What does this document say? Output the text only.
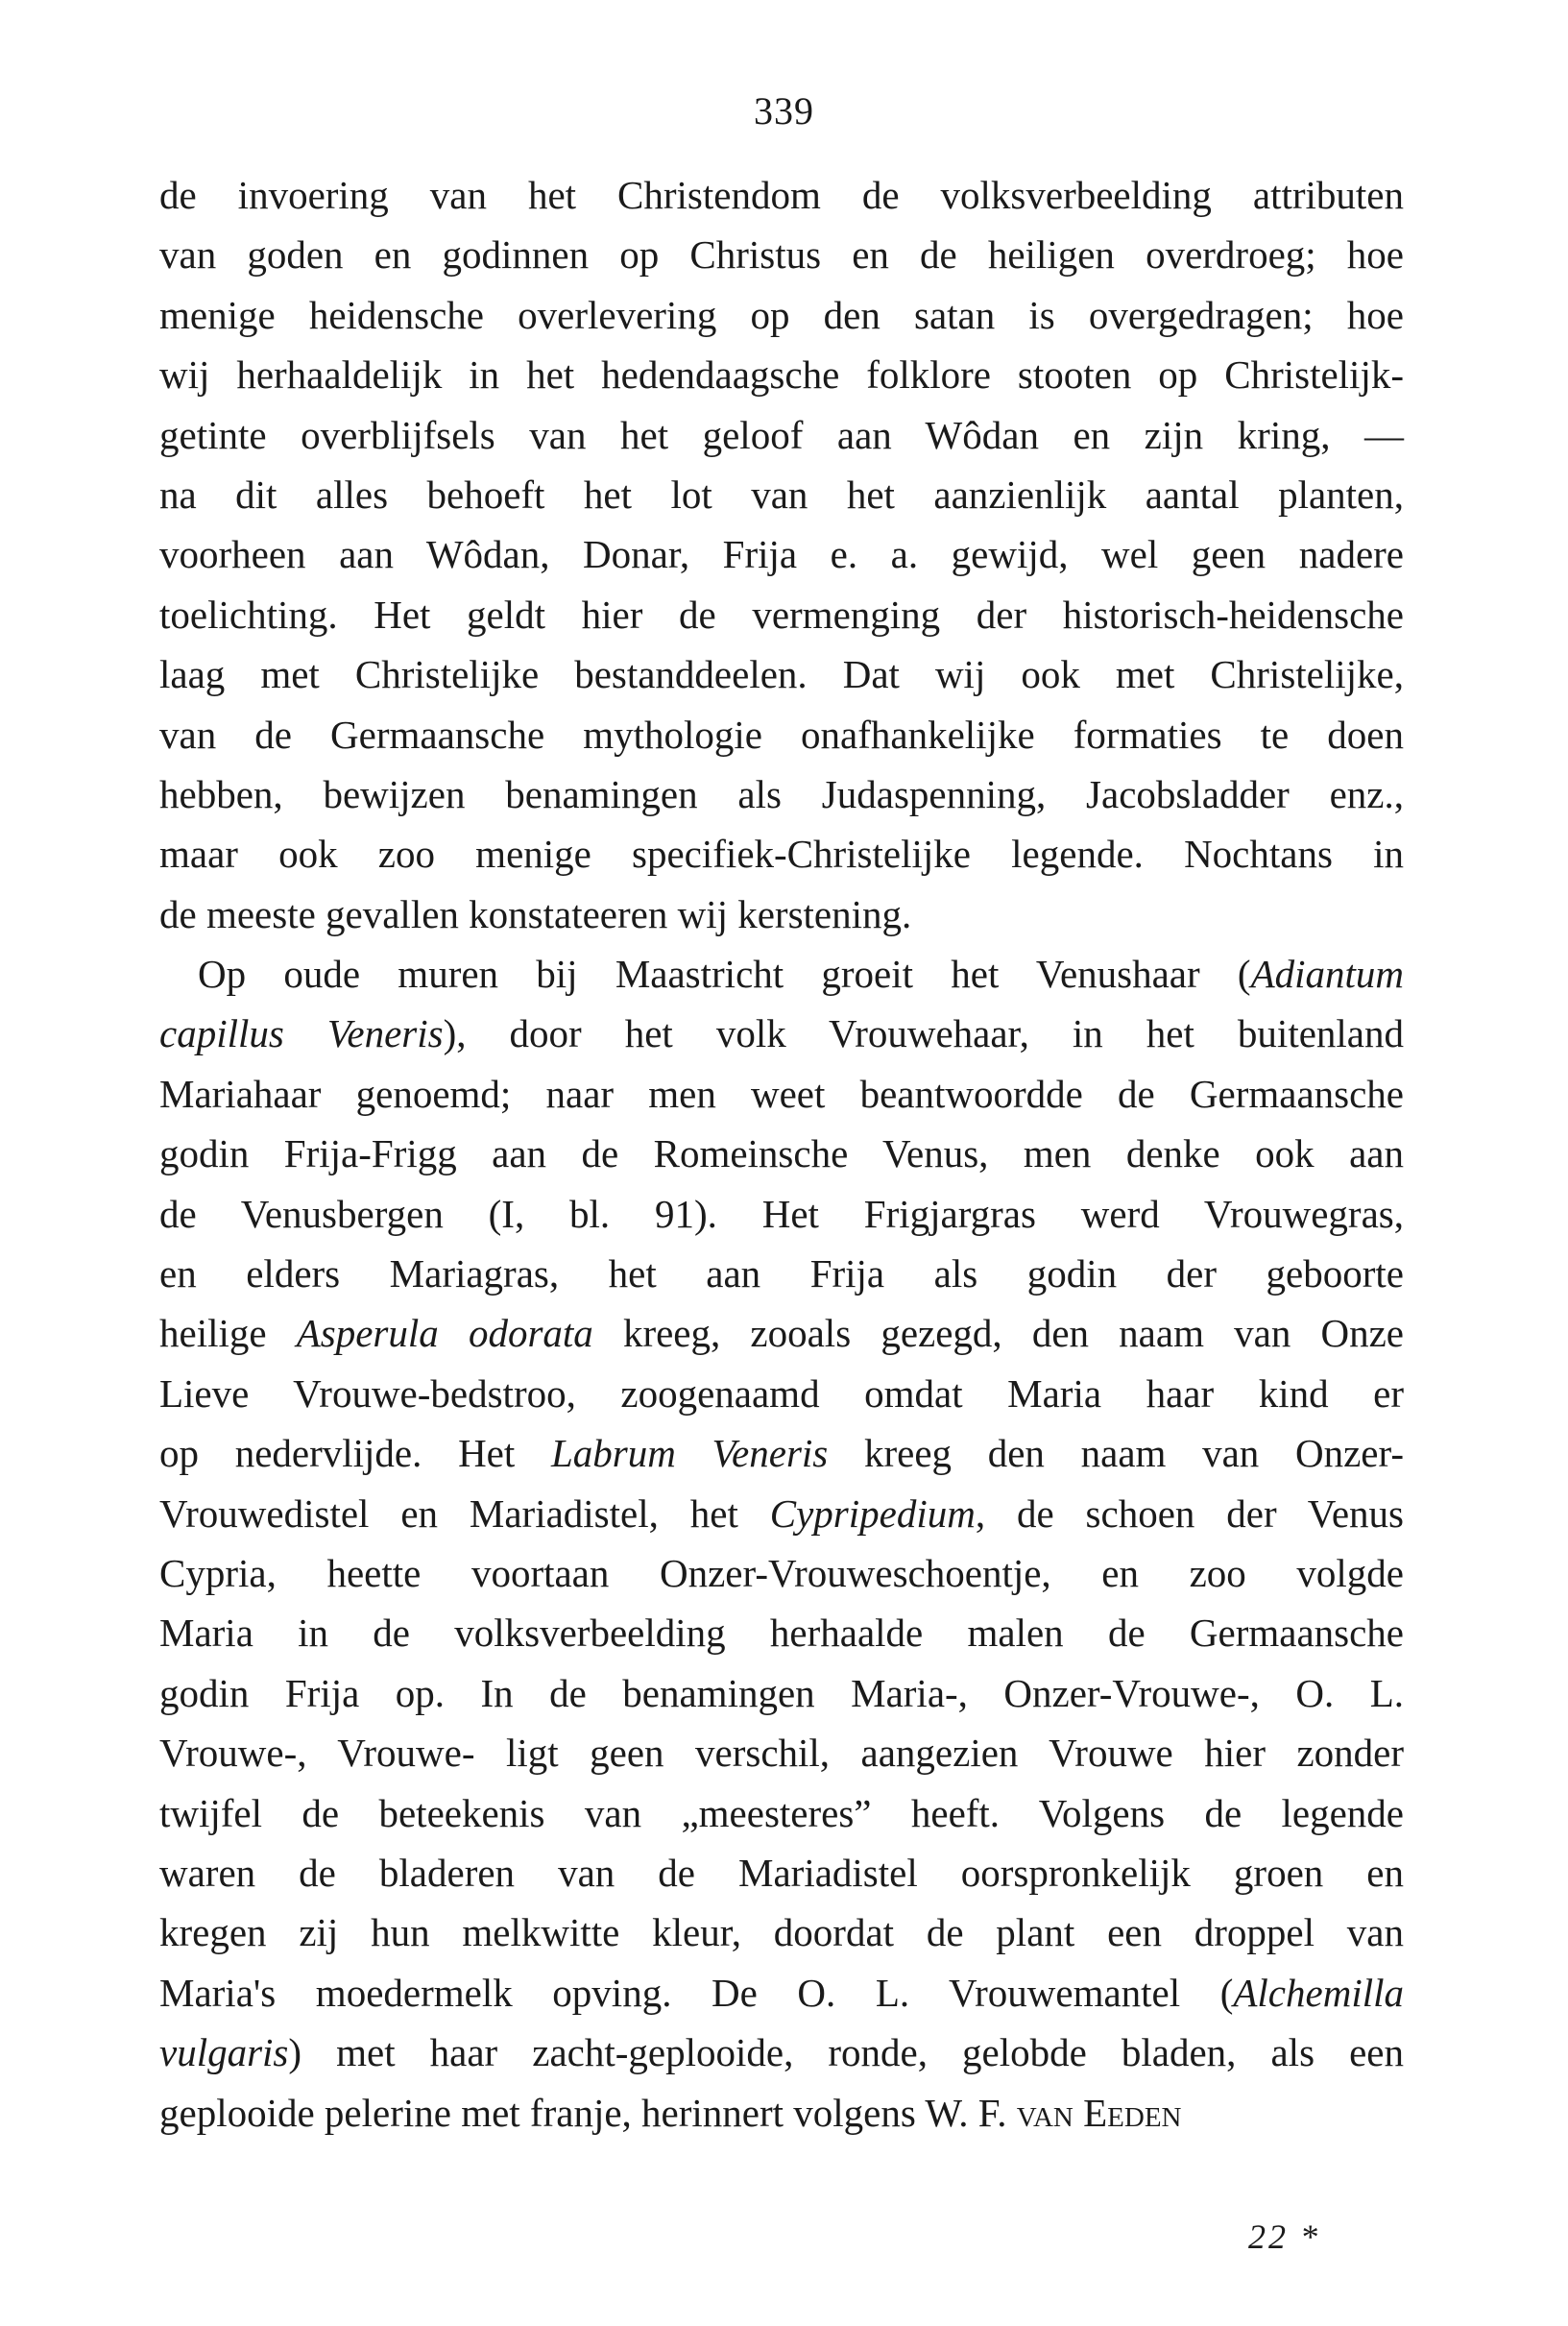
339
de invoering van het Christendom de volksverbeelding attributen
van goden en godinnen op Christus en de heiligen overdroeg; hoe
menige heidensche overlevering op den satan is overgedragen; hoe
wij herhaaldelijk in het hedendaagsche folklore stooten op Christelijk-
getinte overblijfsels van het geloof aan Wôdan en zijn kring, —
na dit alles behoeft het lot van het aanzienlijk aantal planten,
voorheen aan Wôdan, Donar, Frija e. a. gewijd, wel geen nadere
toelichting. Het geldt hier de vermenging der historisch-heidensche
laag met Christelijke bestanddeelen. Dat wij ook met Christelijke,
van de Germaansche mythologie onafhankelijke formaties te doen
hebben, bewijzen benamingen als Judaspenning, Jacobsladder enz.,
maar ook zoo menige specifiek-Christelijke legende. Nochtans in
de meeste gevallen konstateeren wij kerstening.
Op oude muren bij Maastricht groeit het Venushaar (Adiantum
capillus Veneris), door het volk Vrouwehaar, in het buitenland
Mariahaar genoemd; naar men weet beantwoordde de Germaansche
godin Frija-Frigg aan de Romeinsche Venus, men denke ook aan
de Venusbergen (I, bl. 91). Het Frigjargras werd Vrouwegras,
en elders Mariagras, het aan Frija als godin der geboorte
heilige Asperula odorata kreeg, zooals gezegd, den naam van Onze
Lieve Vrouwe-bedstroo, zoogenaamd omdat Maria haar kind er
op nedervlijde. Het Labrum Veneris kreeg den naam van Onzer-
Vrouwedistel en Mariadistel, het Cypripedium, de schoen der Venus
Cypria, heette voortaan Onzer-Vrouweschoentje, en zoo volgde
Maria in de volksverbeelding herhaalde malen de Germaansche
godin Frija op. In de benamingen Maria-, Onzer-Vrouwe-, O. L.
Vrouwe-, Vrouwe- ligt geen verschil, aangezien Vrouwe hier zonder
twijfel de beteekenis van „meesteres” heeft. Volgens de legende
waren de bladeren van de Mariadistel oorspronkelijk groen en
kregen zij hun melkwitte kleur, doordat de plant een droppel van
Maria's moedermelk opving. De O. L. Vrouwemantel (Alchemilla
vulgaris) met haar zacht-geplooide, ronde, gelobde bladen, als een
geplooide pelerine met franje, herinnert volgens W. F. van Eeden
22 *
